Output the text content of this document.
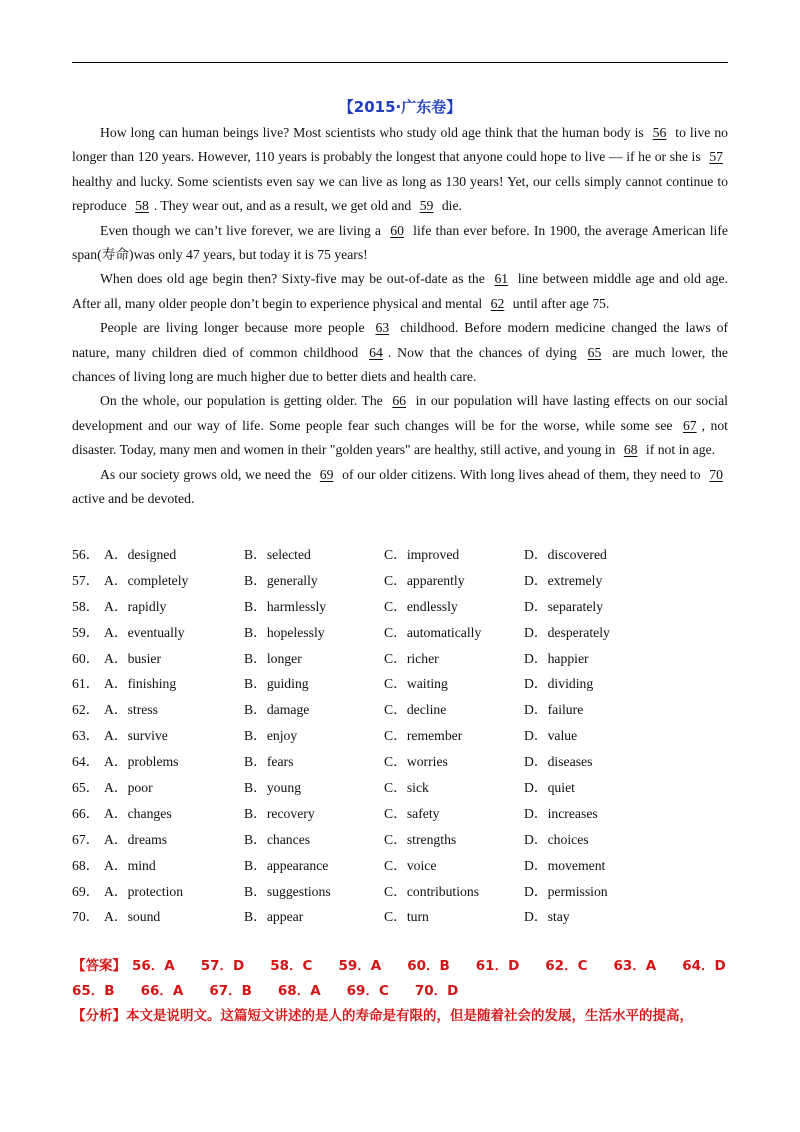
【2015·广东卷】

How long can human beings live? Most scientists who study old age think that the human body is 56 to live no longer than 120 years. However, 110 years is probably the longest that anyone could hope to live — if he or she is 57 healthy and lucky. Some scientists even say we can live as long as 130 years! Yet, our cells simply cannot continue to reproduce 58 . They wear out, and as a result, we get old and 59 die.

Even though we can’t live forever, we are living a 60 life than ever before. In 1900, the average American life span(寿命)was only 47 years, but today it is 75 years!

When does old age begin then? Sixty-five may be out-of-date as the 61 line between middle age and old age. After all, many older people don’t begin to experience physical and mental 62 until after age 75.

People are living longer because more people 63 childhood. Before modern medicine changed the laws of nature, many children died of common childhood 64 . Now that the chances of dying 65 are much lower, the chances of living long are much higher due to better diets and health care.

On the whole, our population is getting older. The 66 in our population will have lasting effects on our social development and our way of life. Some people fear such changes will be for the worse, while some see 67 , not disaster. Today, many men and women in their "golden years" are healthy, still active, and young in 68 if not in age.

As our society grows old, we need the 69 of our older citizens. With long lives ahead of them, they need to 70 active and be devoted.

56． A．designed	B．selected	C．improved	D．discovered
57． A．completely	B．generally	C．apparently	D．extremely
58． A．rapidly	B．harmlessly	C．endlessly	D．separately
59． A．eventually	B．hopelessly	C．automatically	D．desperately
60． A．busier	B．longer	C．richer	D．happier
61． A．finishing	B．guiding	C．waiting	D．dividing
62． A．stress	B．damage	C．decline	D．failure
63． A．survive	B．enjoy	C．remember	D．value
64． A．problems	B．fears	C．worries	D．diseases
65． A．poor	B．young	C．sick	D．quiet
66． A．changes	B．recovery	C．safety	D．increases
67． A．dreams	B．chances	C．strengths	D．choices
68． A．mind	B．appearance	C．voice	D．movement
69． A．protection	B．suggestions	C．contributions	D．permission
70． A．sound	B．appear	C．turn	D．stay
【答案】 56．A 57．D 58．C 59．A 60．B 61．D 62．C 63．A 64．D
65．B 66．A 67．B 68．A 69．C 70．D
【分析】本文是说明文。这篇短文讲述的是人的寿命是有限的，但是随着社会的发展，生活水平的提高，
